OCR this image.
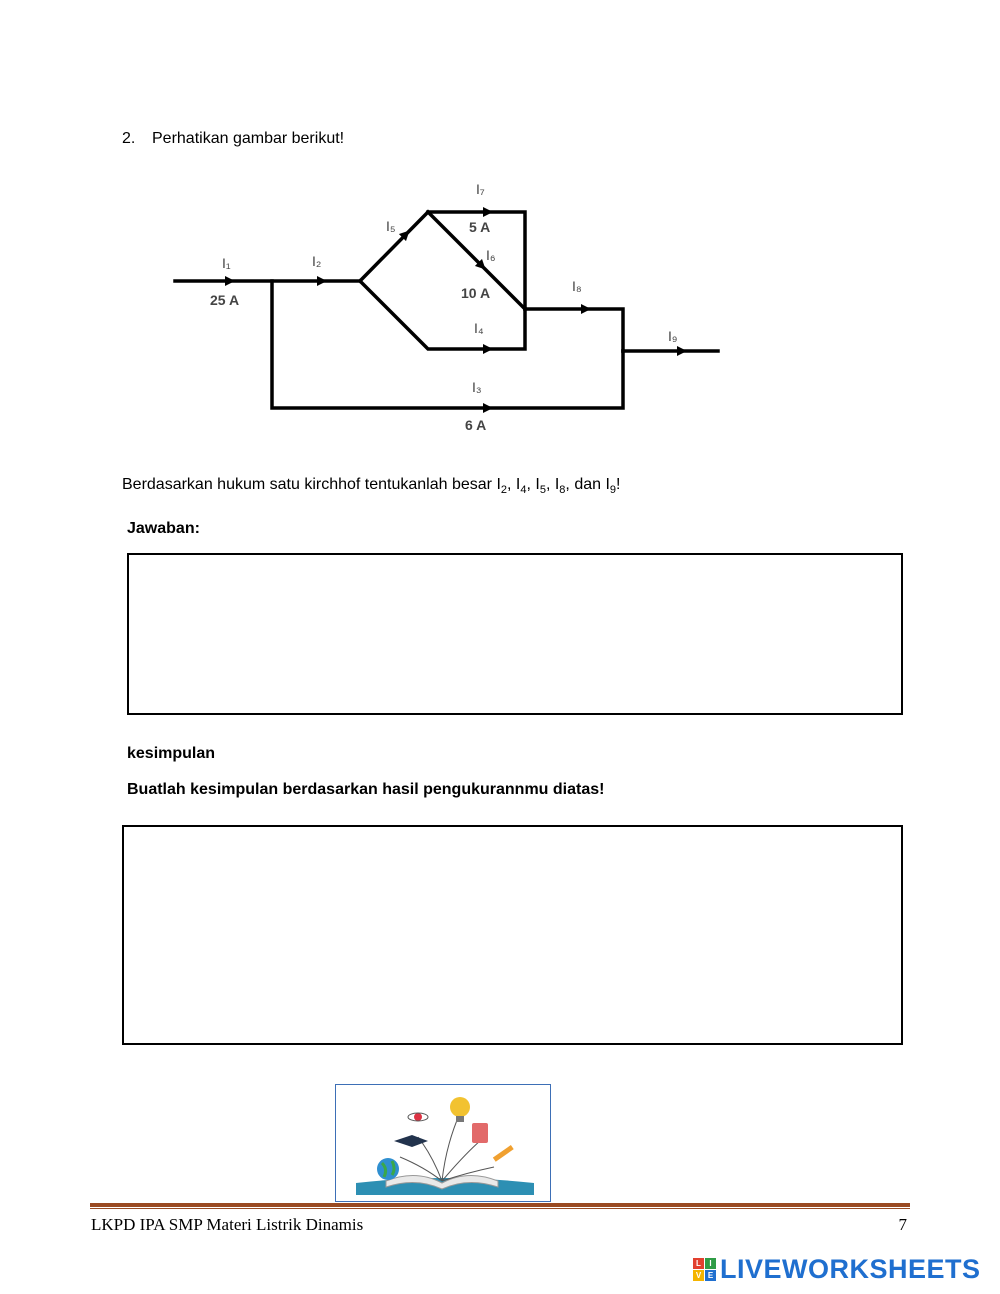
2. Perhatikan gambar berikut!
I₁	I₂
I₅
I₇
I₆
I₈
I₄	I₉
I₃
25 A
5 A
10 A
6 A
Berdasarkan hukum satu kirchhof tentukanlah besar $I_2$, $I_4$, $I_5$, $I_8$, dan $I_9$!
Jawaban:
kesimpulan
Buatlah kesimpulan berdasarkan hasil pengukurannmu diatas!
LKPD IPA SMP Materi Listrik Dinamis	7
L	I
V E LIVEWORKSHEETS
